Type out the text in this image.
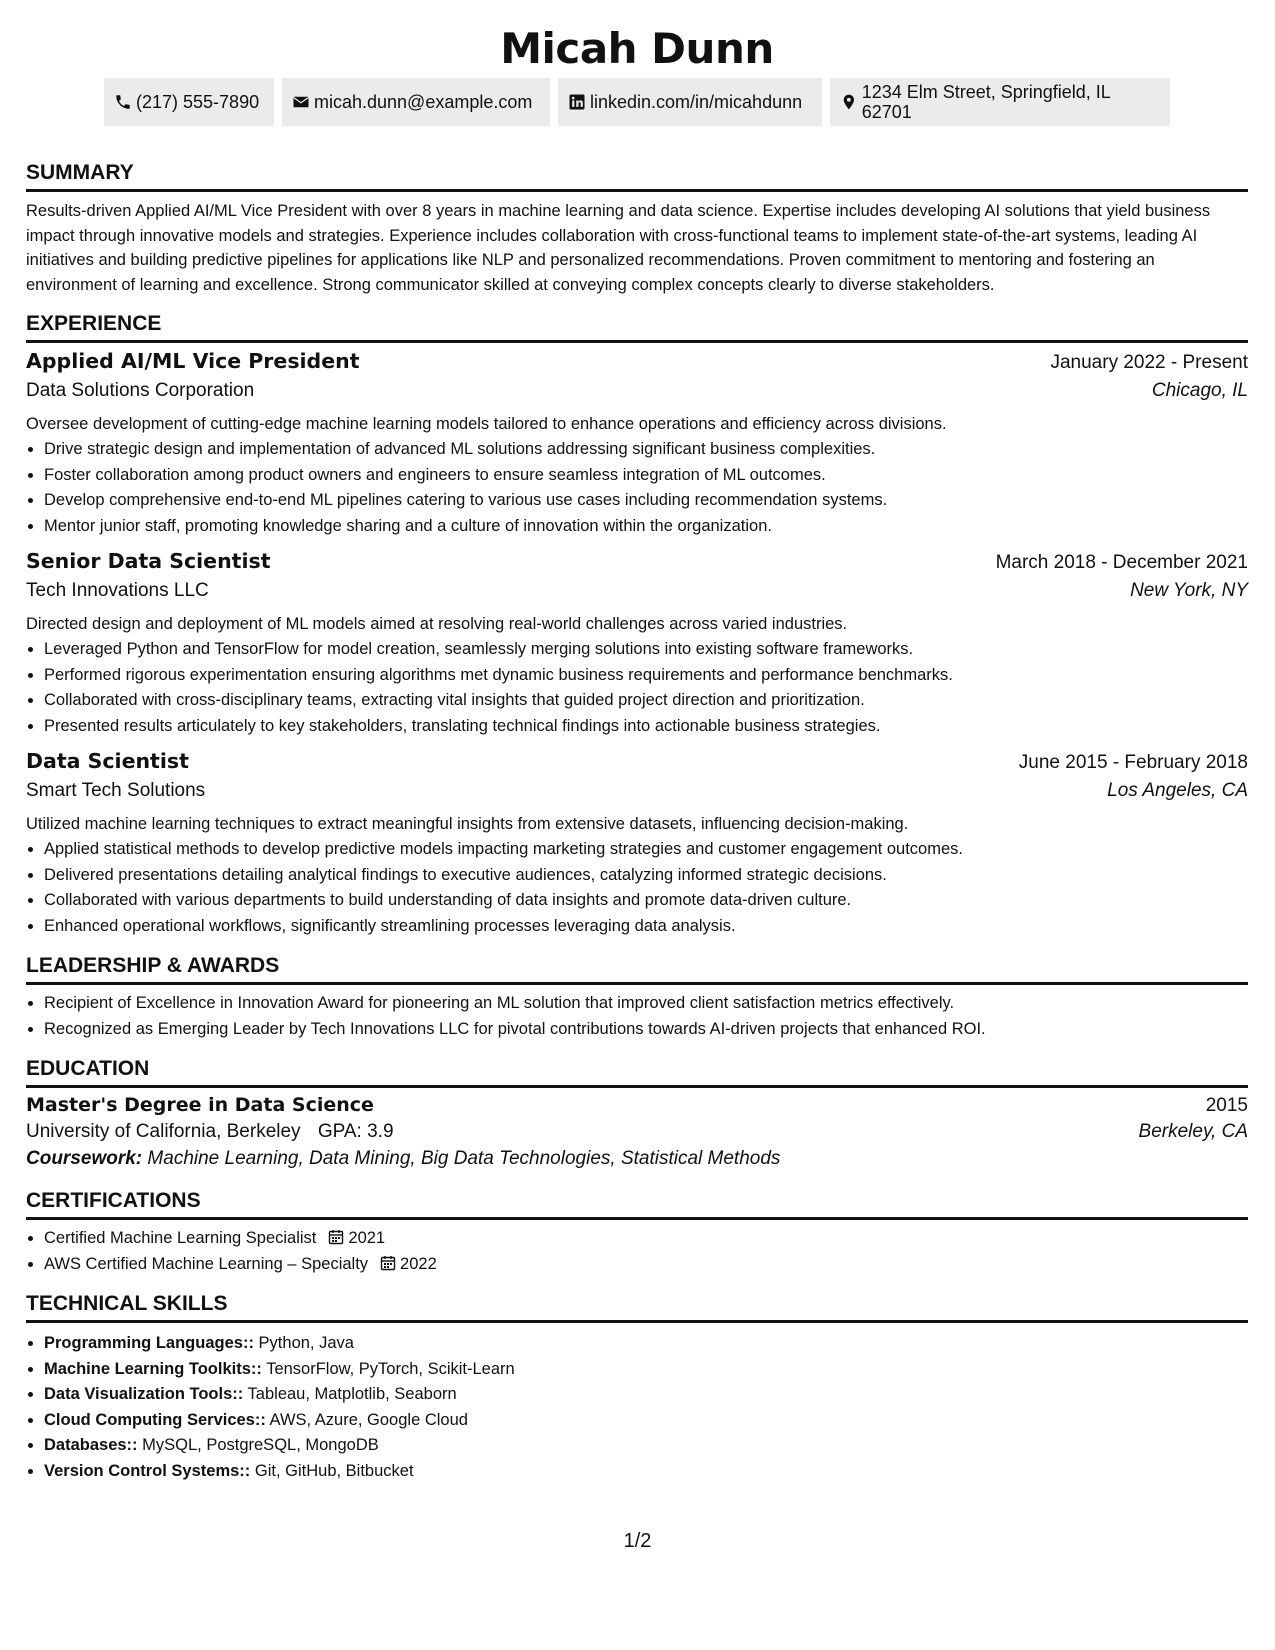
Micah Dunn
(217) 555-7890	micah.dunn@example.com	linkedin.com/in/micahdunn	1234 Elm Street, Springfield, IL 62701
SUMMARY
Results-driven Applied AI/ML Vice President with over 8 years in machine learning and data science. Expertise includes developing AI solutions that yield business impact through innovative models and strategies. Experience includes collaboration with cross-functional teams to implement state-of-the-art systems, leading AI initiatives and building predictive pipelines for applications like NLP and personalized recommendations. Proven commitment to mentoring and fostering an environment of learning and excellence. Strong communicator skilled at conveying complex concepts clearly to diverse stakeholders.
EXPERIENCE
Applied AI/ML Vice President	January 2022 - Present
Data Solutions Corporation	Chicago, IL
Oversee development of cutting-edge machine learning models tailored to enhance operations and efficiency across divisions.
• Drive strategic design and implementation of advanced ML solutions addressing significant business complexities.
• Foster collaboration among product owners and engineers to ensure seamless integration of ML outcomes.
• Develop comprehensive end-to-end ML pipelines catering to various use cases including recommendation systems.
• Mentor junior staff, promoting knowledge sharing and a culture of innovation within the organization.
Senior Data Scientist	March 2018 - December 2021
Tech Innovations LLC	New York, NY
Directed design and deployment of ML models aimed at resolving real-world challenges across varied industries.
• Leveraged Python and TensorFlow for model creation, seamlessly merging solutions into existing software frameworks.
• Performed rigorous experimentation ensuring algorithms met dynamic business requirements and performance benchmarks.
• Collaborated with cross-disciplinary teams, extracting vital insights that guided project direction and prioritization.
• Presented results articulately to key stakeholders, translating technical findings into actionable business strategies.
Data Scientist	June 2015 - February 2018
Smart Tech Solutions	Los Angeles, CA
Utilized machine learning techniques to extract meaningful insights from extensive datasets, influencing decision-making.
• Applied statistical methods to develop predictive models impacting marketing strategies and customer engagement outcomes.
• Delivered presentations detailing analytical findings to executive audiences, catalyzing informed strategic decisions.
• Collaborated with various departments to build understanding of data insights and promote data-driven culture.
• Enhanced operational workflows, significantly streamlining processes leveraging data analysis.
LEADERSHIP & AWARDS
• Recipient of Excellence in Innovation Award for pioneering an ML solution that improved client satisfaction metrics effectively.
• Recognized as Emerging Leader by Tech Innovations LLC for pivotal contributions towards AI-driven projects that enhanced ROI.
EDUCATION
Master's Degree in Data Science	2015
University of California, Berkeley GPA: 3.9	Berkeley, CA
Coursework: Machine Learning, Data Mining, Big Data Technologies, Statistical Methods
CERTIFICATIONS
• Certified Machine Learning Specialist 2021
• AWS Certified Machine Learning – Specialty 2022
TECHNICAL SKILLS
• Programming Languages:: Python, Java
• Machine Learning Toolkits:: TensorFlow, PyTorch, Scikit-Learn
• Data Visualization Tools:: Tableau, Matplotlib, Seaborn
• Cloud Computing Services:: AWS, Azure, Google Cloud
• Databases:: MySQL, PostgreSQL, MongoDB
• Version Control Systems:: Git, GitHub, Bitbucket
1/2
